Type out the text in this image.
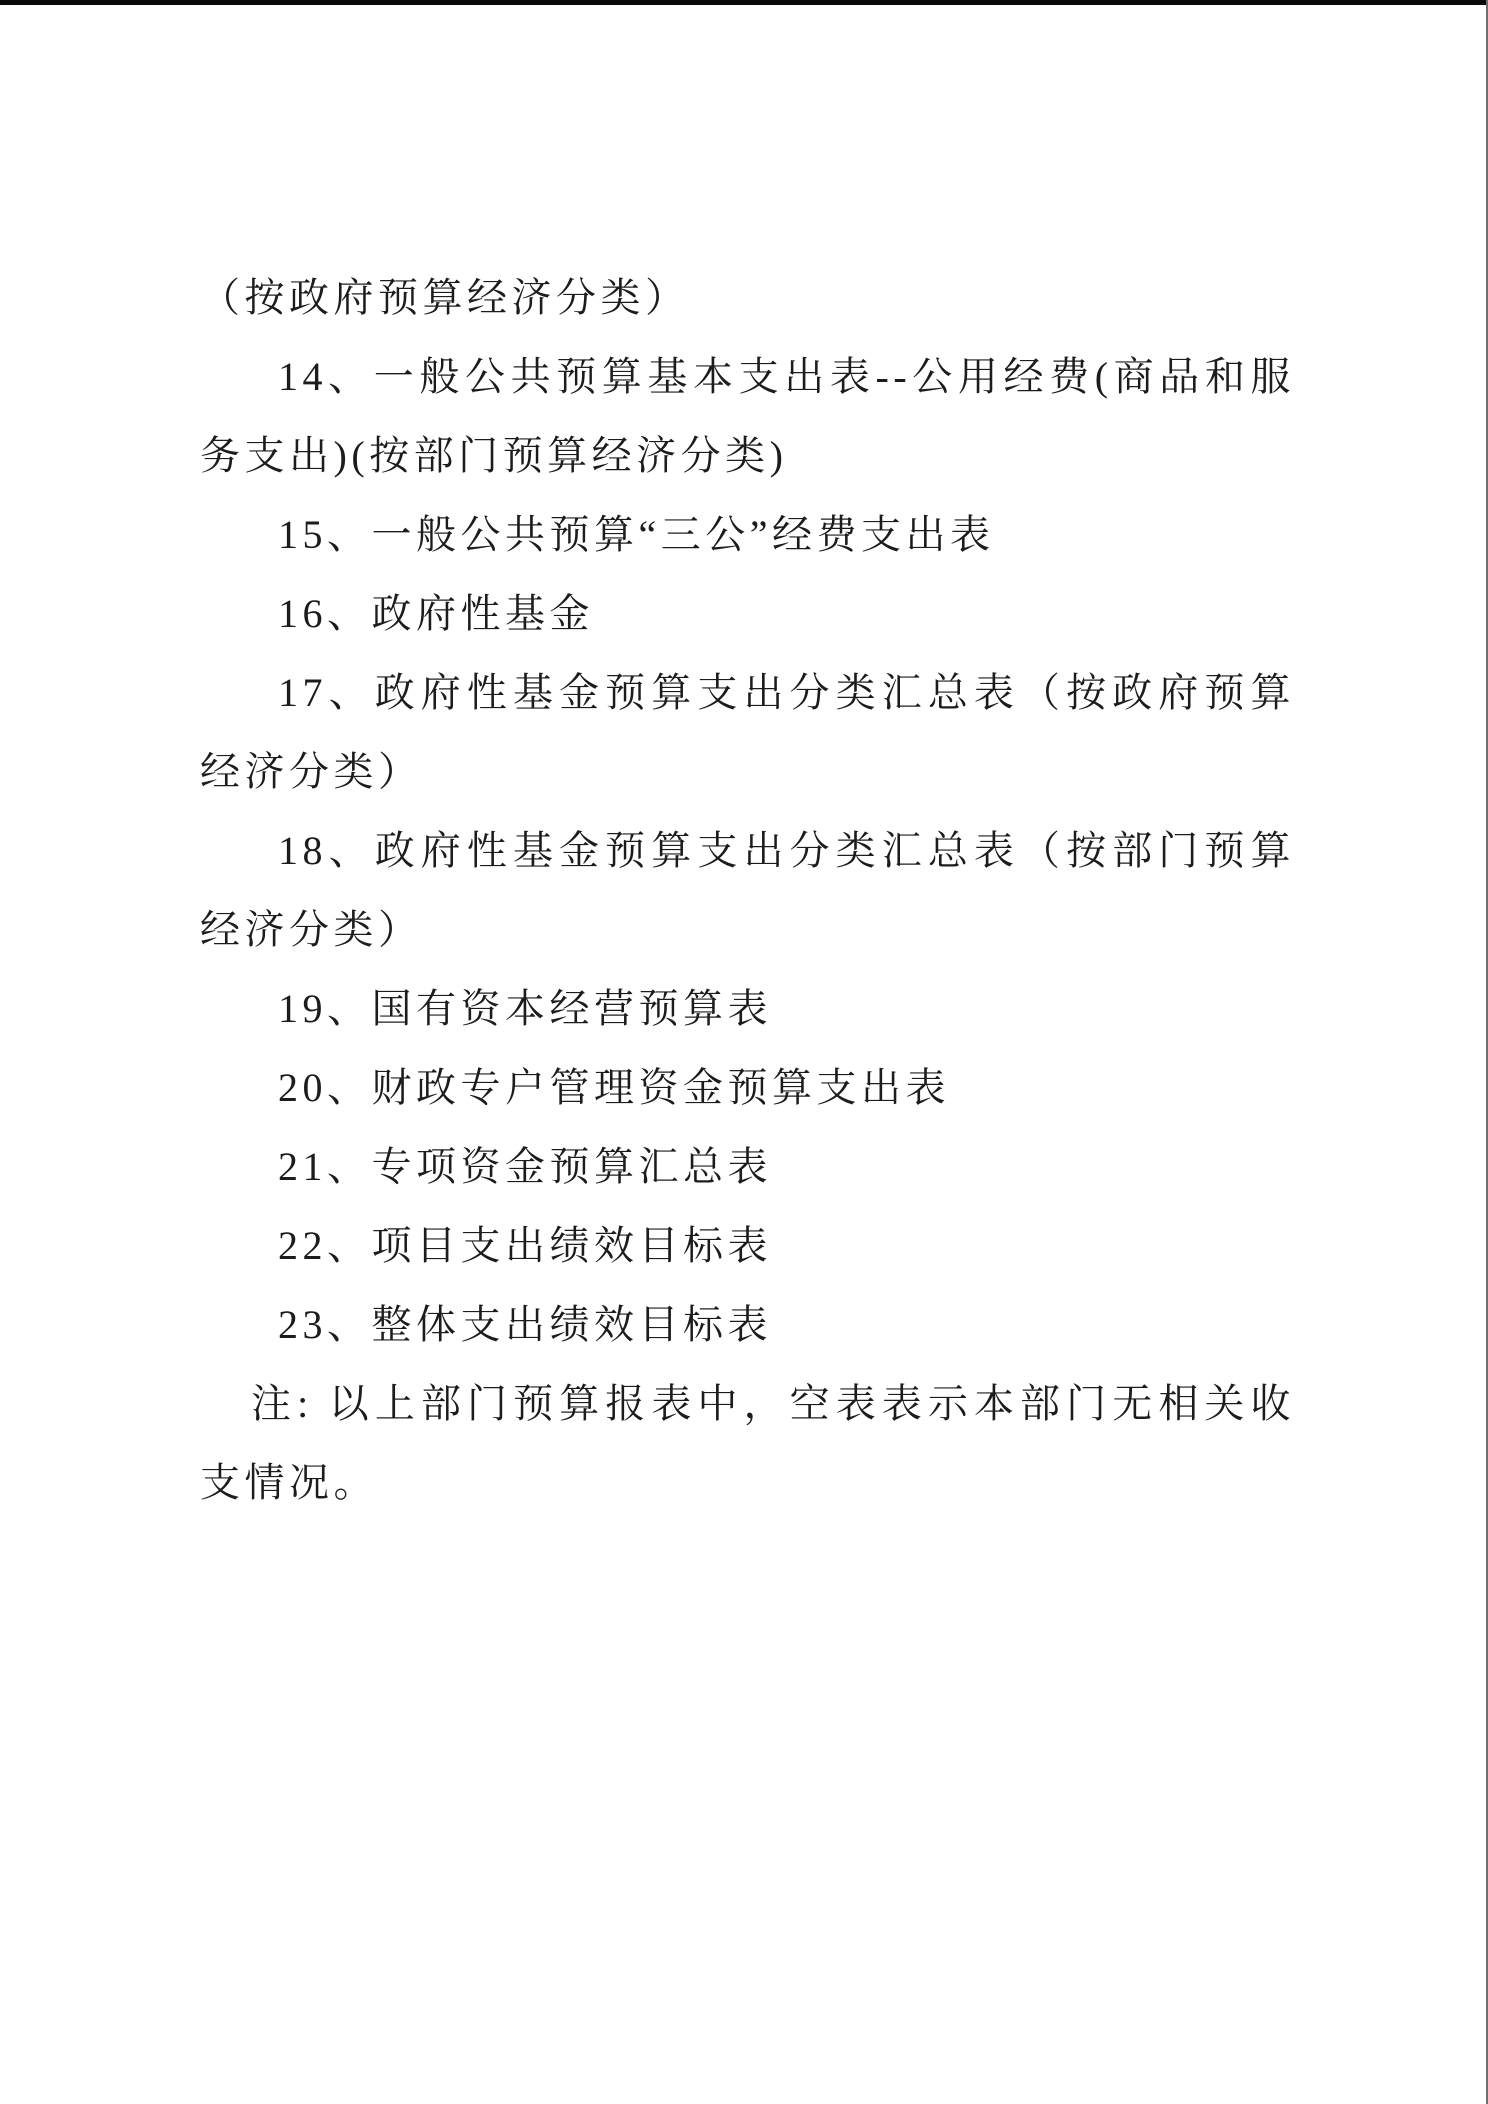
（按政府预算经济分类）

14、一般公共预算基本支出表--公用经费(商品和服务支出)(按部门预算经济分类)

15、一般公共预算“三公”经费支出表

16、政府性基金

17、政府性基金预算支出分类汇总表（按政府预算经济分类）

18、政府性基金预算支出分类汇总表（按部门预算经济分类）

19、国有资本经营预算表

20、财政专户管理资金预算支出表

21、专项资金预算汇总表

22、项目支出绩效目标表

23、整体支出绩效目标表

注: 以上部门预算报表中，空表表示本部门无相关收支情况。
